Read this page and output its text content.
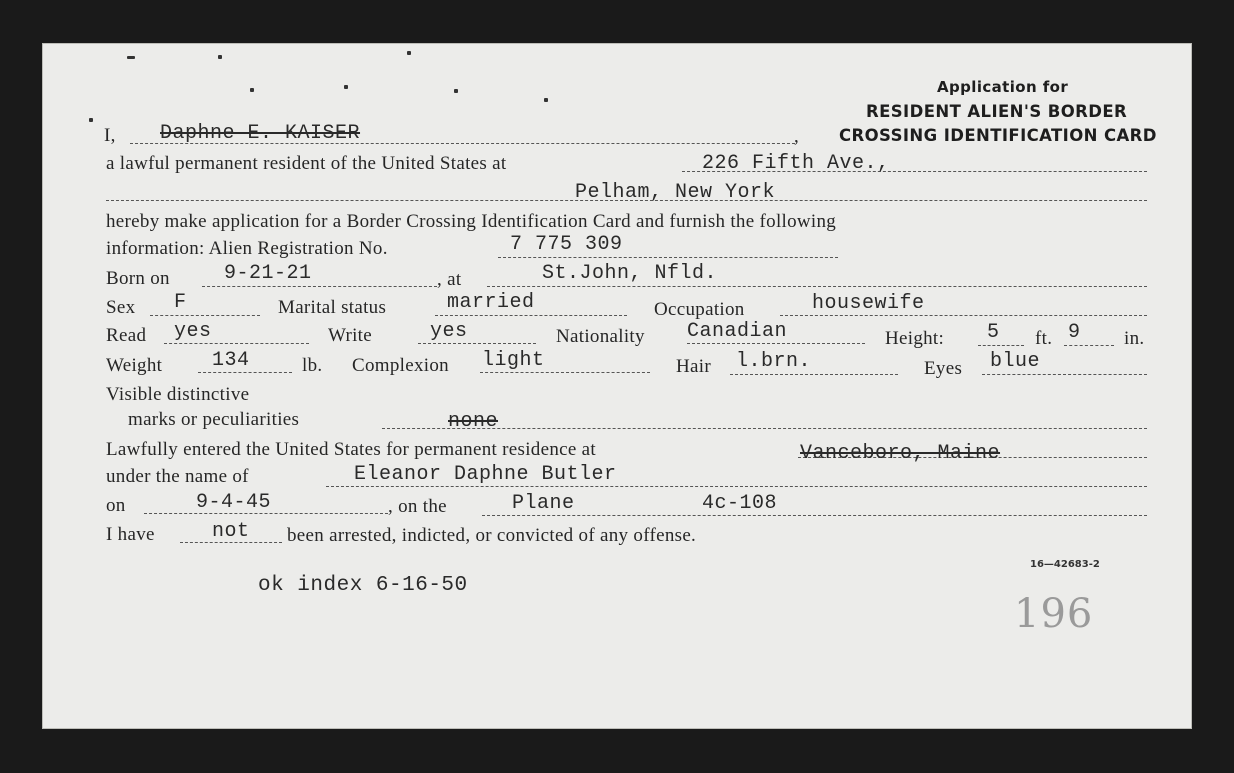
Application for
RESIDENT ALIEN'S BORDER
CROSSING IDENTIFICATION CARD
I, Daphne E. KAISER	,
a lawful permanent resident of the United States at	226 Fifth Ave.,
Pelham, New York
hereby make application for a Border Crossing Identification Card and furnish the following
information: Alien Registration No.	7 775 309
Born on	9-21-21	, at	St.John, Nfld.
Sex F	Marital status	married	Occupation	housewife
Read yes	Write	yes	Nationality Canadian	Height: 5 ft. 9 in.
Weight 134	lb. Complexion light	Hair l.brn.	Eyes blue
Visible distinctive
marks or peculiarities	none
Lawfully entered the United States for permanent residence at	Vanceboro, Maine
under the name of	Eleanor Daphne Butler
on	9-4-45	, on the	Plane	4c-108
I have	not been arrested, indicted, or convicted of any offense.
16—42683-2
ok index 6-16-50
196
